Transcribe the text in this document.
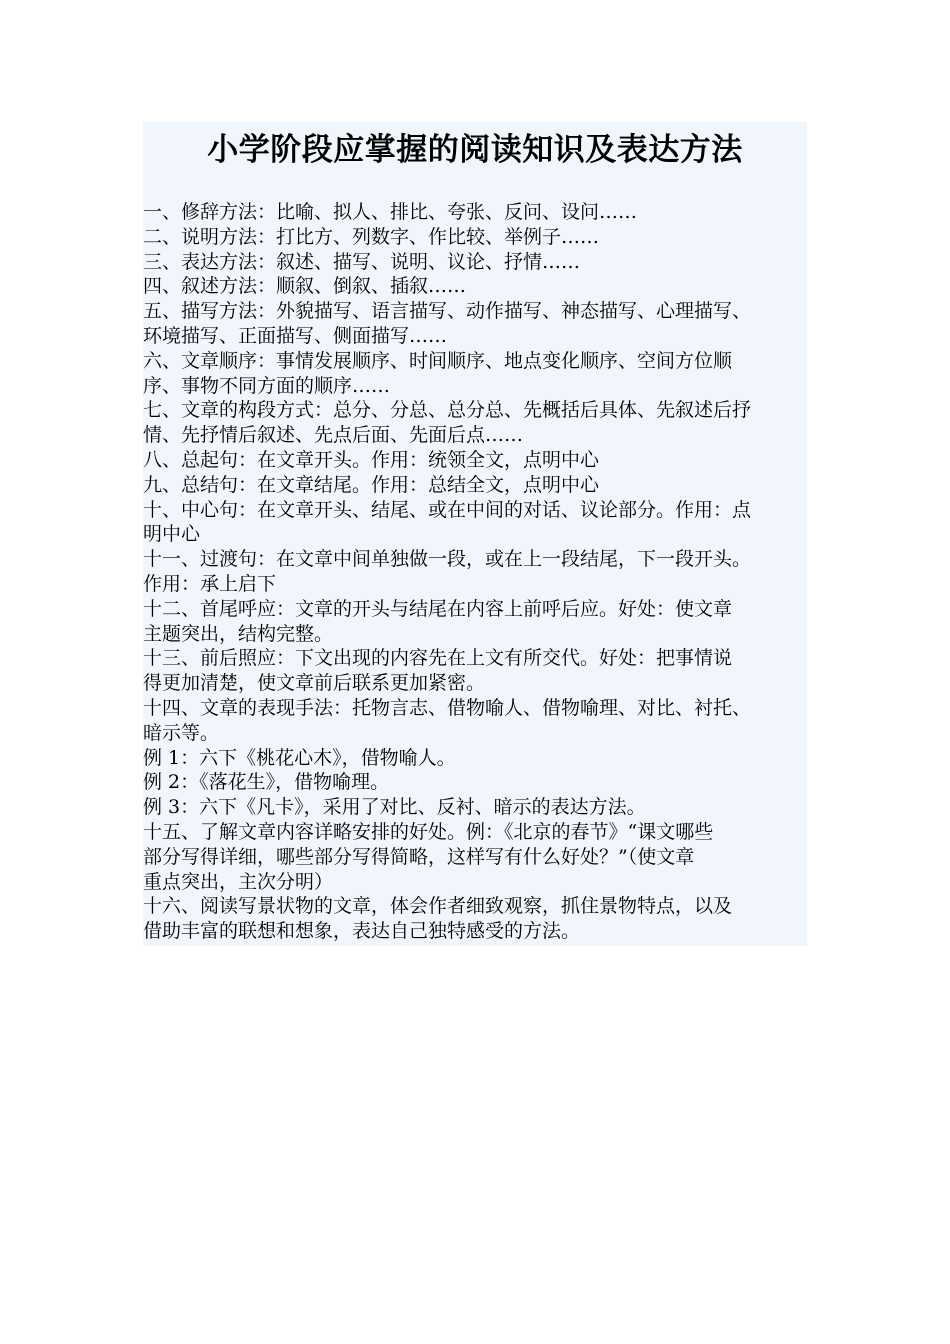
小学阶段应掌握的阅读知识及表达方法
一、修辞方法：比喻、拟人、排比、夸张、反问、设问……
二、说明方法：打比方、列数字、作比较、举例子……
三、表达方法：叙述、描写、说明、议论、抒情……
四、叙述方法：顺叙、倒叙、插叙……
五、描写方法：外貌描写、语言描写、动作描写、神态描写、心理描写、
环境描写、正面描写、侧面描写……
六、文章顺序：事情发展顺序、时间顺序、地点变化顺序、空间方位顺
序、事物不同方面的顺序……
七、文章的构段方式：总分、分总、总分总、先概括后具体、先叙述后抒
情、先抒情后叙述、先点后面、先面后点……
八、总起句：在文章开头。作用：统领全文，点明中心
九、总结句：在文章结尾。作用：总结全文，点明中心
十、中心句：在文章开头、结尾、或在中间的对话、议论部分。作用：点
明中心
十一、过渡句：在文章中间单独做一段，或在上一段结尾，下一段开头。
作用：承上启下
十二、首尾呼应：文章的开头与结尾在内容上前呼后应。好处：使文章
主题突出，结构完整。
十三、前后照应：下文出现的内容先在上文有所交代。好处：把事情说
得更加清楚，使文章前后联系更加紧密。
十四、文章的表现手法：托物言志、借物喻人、借物喻理、对比、衬托、
暗示等。
例 1：六下《桃花心木》，借物喻人。
例 2：《落花生》，借物喻理。
例 3：六下《凡卡》，采用了对比、反衬、暗示的表达方法。
十五、了解文章内容详略安排的好处。例：《北京的春节》“课文哪些
部分写得详细，哪些部分写得简略，这样写有什么好处？”（使文章
重点突出，主次分明）
十六、阅读写景状物的文章，体会作者细致观察，抓住景物特点，以及
借助丰富的联想和想象，表达自己独特感受的方法。
